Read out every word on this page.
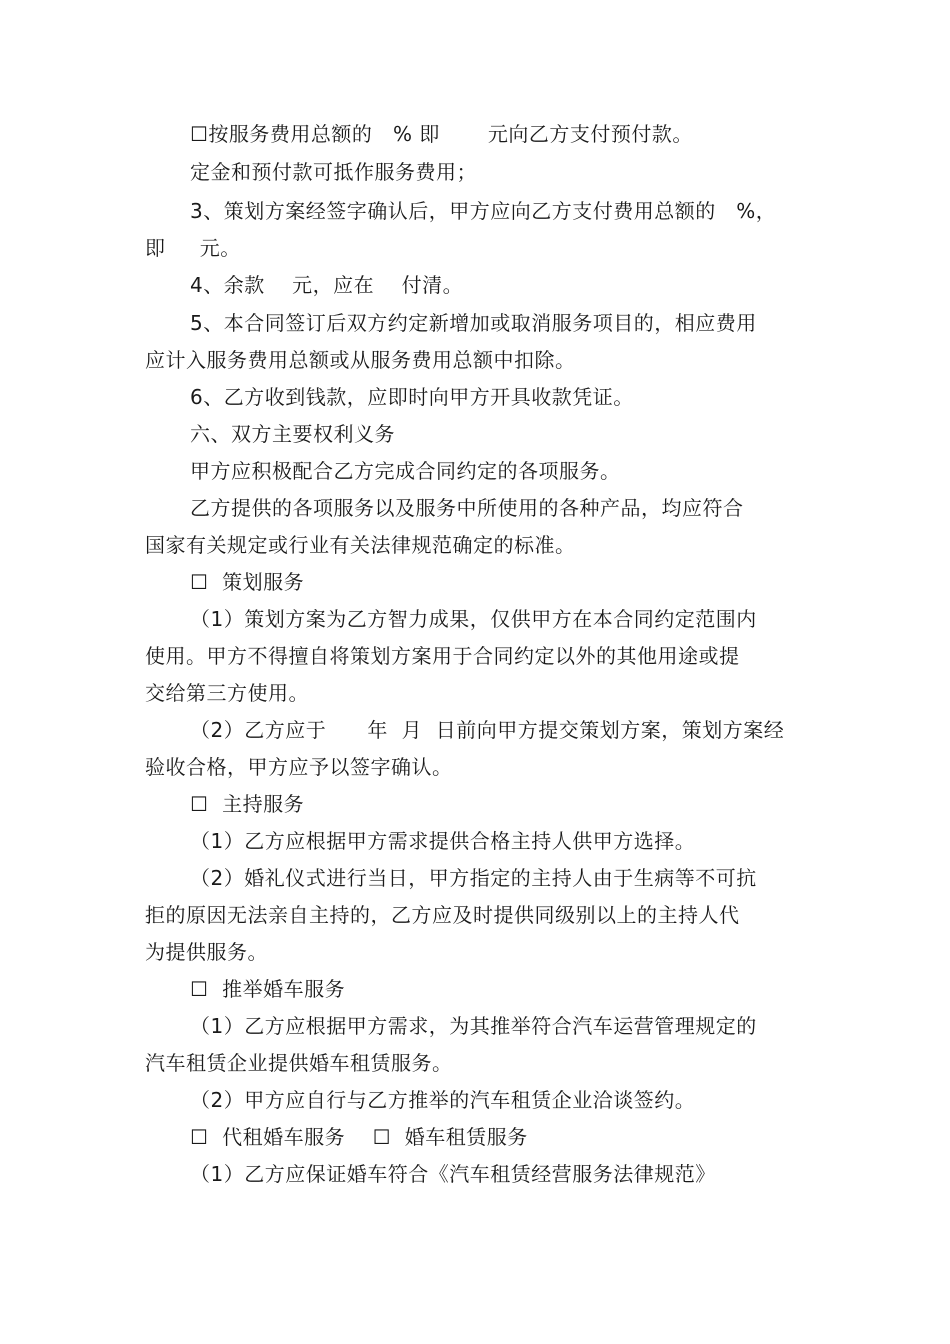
☐按服务费用总额的   % 即       元向乙方支付预付款。
定金和预付款可抵作服务费用；
3、策划方案经签字确认后，甲方应向乙方支付费用总额的   %，
即     元。
4、余款    元，应在    付清。
5、本合同签订后双方约定新增加或取消服务项目的，相应费用
应计入服务费用总额或从服务费用总额中扣除。
6、乙方收到钱款，应即时向甲方开具收款凭证。
六、双方主要权利义务
甲方应积极配合乙方完成合同约定的各项服务。
乙方提供的各项服务以及服务中所使用的各种产品，均应符合
国家有关规定或行业有关法律规范确定的标准。
☐  策划服务
（1）策划方案为乙方智力成果，仅供甲方在本合同约定范围内
使用。甲方不得擅自将策划方案用于合同约定以外的其他用途或提
交给第三方使用。
（2）乙方应于      年  月  日前向甲方提交策划方案，策划方案经
验收合格，甲方应予以签字确认。
☐  主持服务
（1）乙方应根据甲方需求提供合格主持人供甲方选择。
（2）婚礼仪式进行当日，甲方指定的主持人由于生病等不可抗
拒的原因无法亲自主持的，乙方应及时提供同级别以上的主持人代
为提供服务。
☐  推举婚车服务
（1）乙方应根据甲方需求，为其推举符合汽车运营管理规定的
汽车租赁企业提供婚车租赁服务。
（2）甲方应自行与乙方推举的汽车租赁企业洽谈签约。
☐  代租婚车服务    ☐  婚车租赁服务
（1）乙方应保证婚车符合《汽车租赁经营服务法律规范》
